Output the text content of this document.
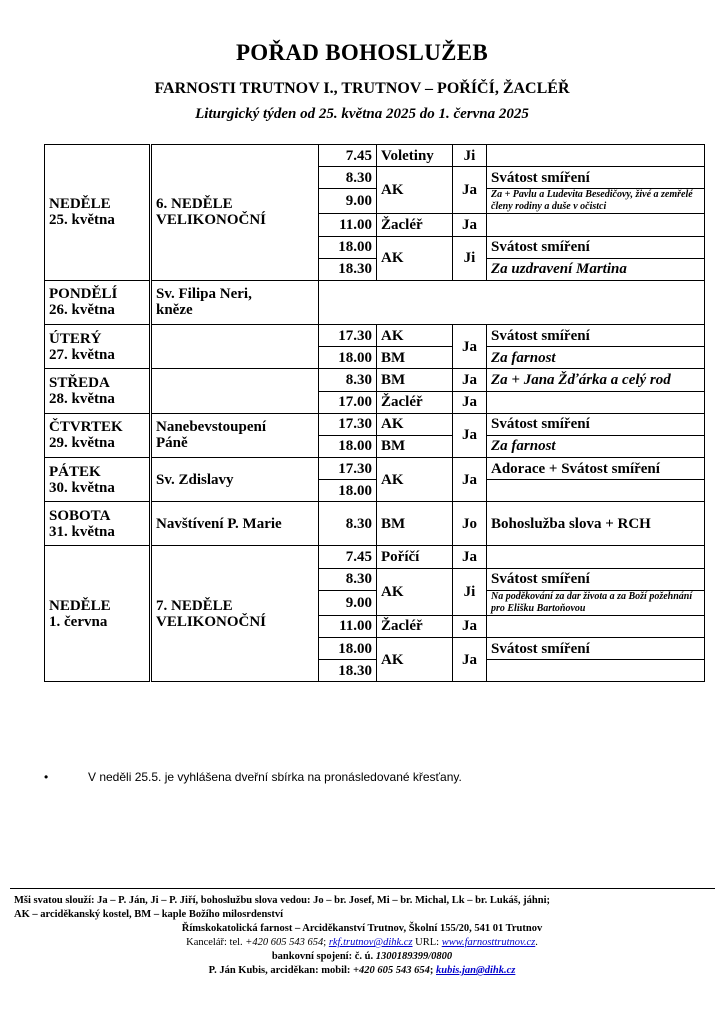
POŘAD BOHOSLUŽEB
FARNOSTI TRUTNOV I., TRUTNOV – POŘÍČÍ, ŽACLÉŘ
Liturgický týden od 25. května 2025 do 1. června 2025
NEDĚLE
25. května	6. NEDĚLE
VELIKONOČNÍ	7.45	Voletiny	Ji	
		8.30	AK	Ja	Svátost smíření
		9.00			Za + Pavlu a Ludevita Besedičovy, živé a zemřelé členy rodiny a duše v očistci
		11.00	Žacléř	Ja	
		18.00	AK	Ji	Svátost smíření
		18.30			Za uzdravení Martina
PONDĚLÍ
26. května	Sv. Filipa Neri,
kněze				
ÚTERÝ
27. května		17.30	AK	Ja	Svátost smíření
		18.00	BM		Za farnost
STŘEDA
28. května		8.30	BM	Ja	Za + Jana Žďárka a celý rod
		17.00	Žacléř	Ja	
ČTVRTEK
29. května	Nanebevstoupení
Páně	17.30	AK	Ja	Svátost smíření
		18.00	BM		Za farnost
PÁTEK
30. května	Sv. Zdislavy	17.30	AK	Ja	Adorace + Svátost smíření
		18.00			
SOBOTA
31. května	Navštívení P. Marie	8.30	BM	Jo	Bohoslužba slova + RCH
NEDĚLE
1. června	7. NEDĚLE
VELIKONOČNÍ	7.45	Poříčí	Ja	
		8.30	AK	Ji	Svátost smíření
		9.00			Na poděkování za dar života a za Boží požehnání pro Elišku Bartoňovou
		11.00	Žacléř	Ja	
		18.00	AK	Ja	Svátost smíření
		18.30			
•	V neděli 25.5. je vyhlášena dveřní sbírka na pronásledované křesťany.
Mši svatou slouží: Ja – P. Ján, Ji – P. Jiří, bohoslužbu slova vedou: Jo – br. Josef, Mi – br. Michal, Lk – br. Lukáš, jáhni;
AK – arciděkanský kostel, BM – kaple Božího milosrdenství
Římskokatolická farnost – Arciděkanství Trutnov, Školní 155/20, 541 01 Trutnov
Kancelář: tel. +420 605 543 654; rkf.trutnov@dihk.cz URL: www.farnosttrutnov.cz.
bankovní spojení: č. ú. 1300189399/0800
P. Ján Kubis, arciděkan: mobil: +420 605 543 654; kubis.jan@dihk.cz
